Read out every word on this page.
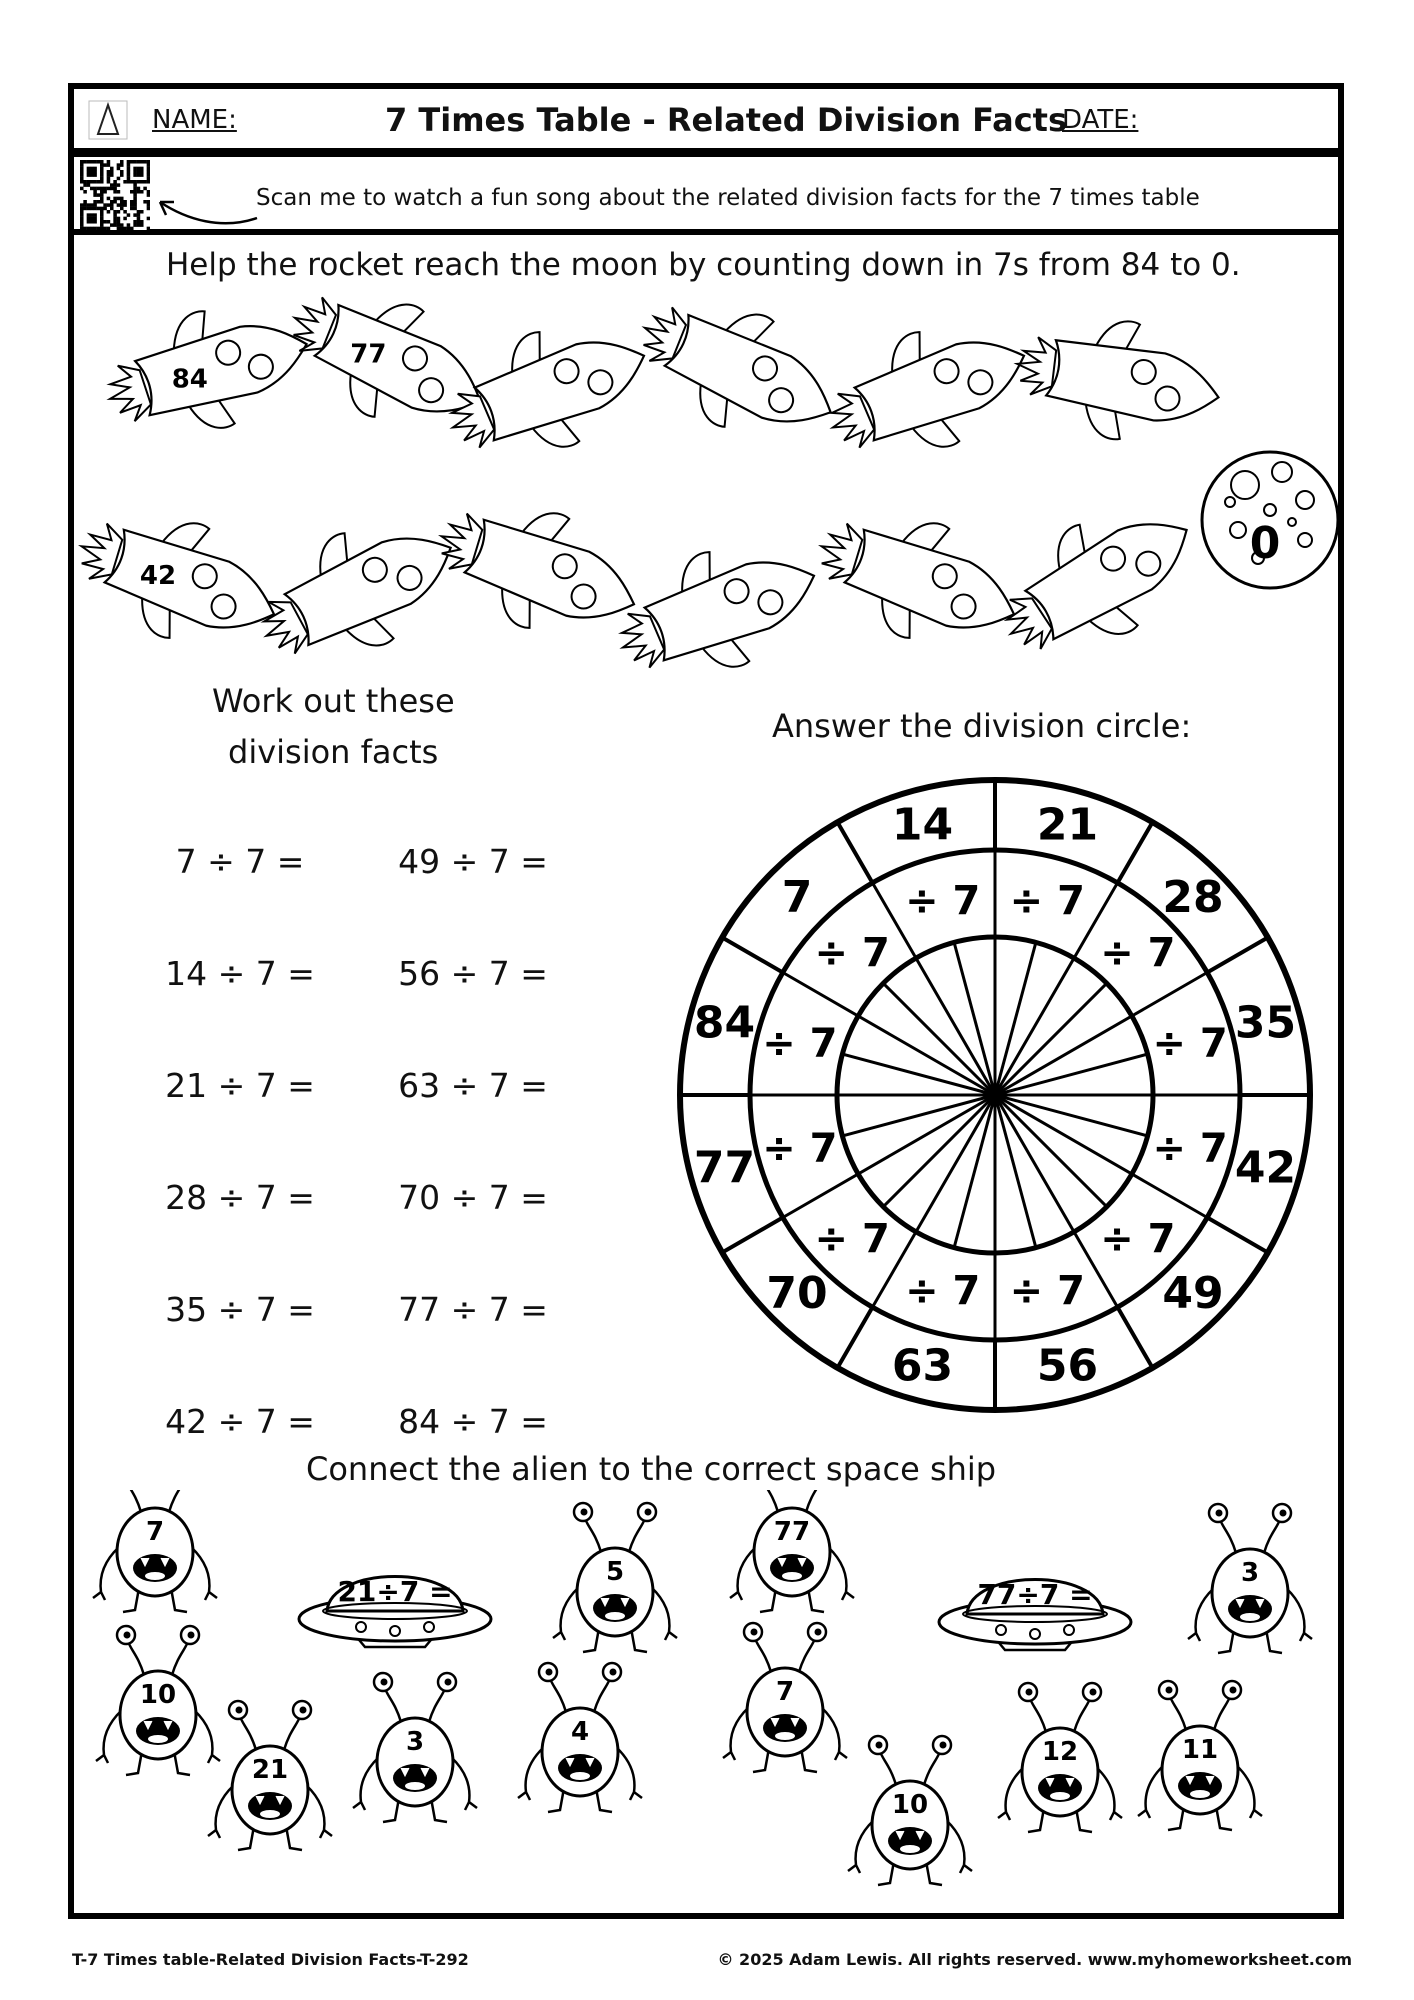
NAME:	7 Times Table - Related Division Facts
DATE:
Scan me to watch a fun song about the related division facts for the 7 times table
Help the rocket reach the moon by counting down in 7s from 84 to 0.
84
77
42
0
Work out these
division facts
7 ÷ 7 =
14 ÷ 7 =
21 ÷ 7 =
28 ÷ 7 =
35 ÷ 7 =
42 ÷ 7 =
49 ÷ 7 =
56 ÷ 7 =
63 ÷ 7 =
70 ÷ 7 =
77 ÷ 7 =
84 ÷ 7 =
Answer the division circle:
21
÷ 7 28
÷ 7
35
÷ 7
42
÷ 7
49
÷ 7
56
÷ 7
63
÷ 7
70
÷ 7
77 ÷ 7
84 ÷ 7
7
÷ 7
14
÷ 7
Connect the alien to the correct space ship
21÷7 =	77÷7 =
7
10
21
3
5
4
77
7
10
12
3
11
T-7 Times table-Related Division Facts-T-292	© 2025 Adam Lewis. All rights reserved. www.myhomeworksheet.com
